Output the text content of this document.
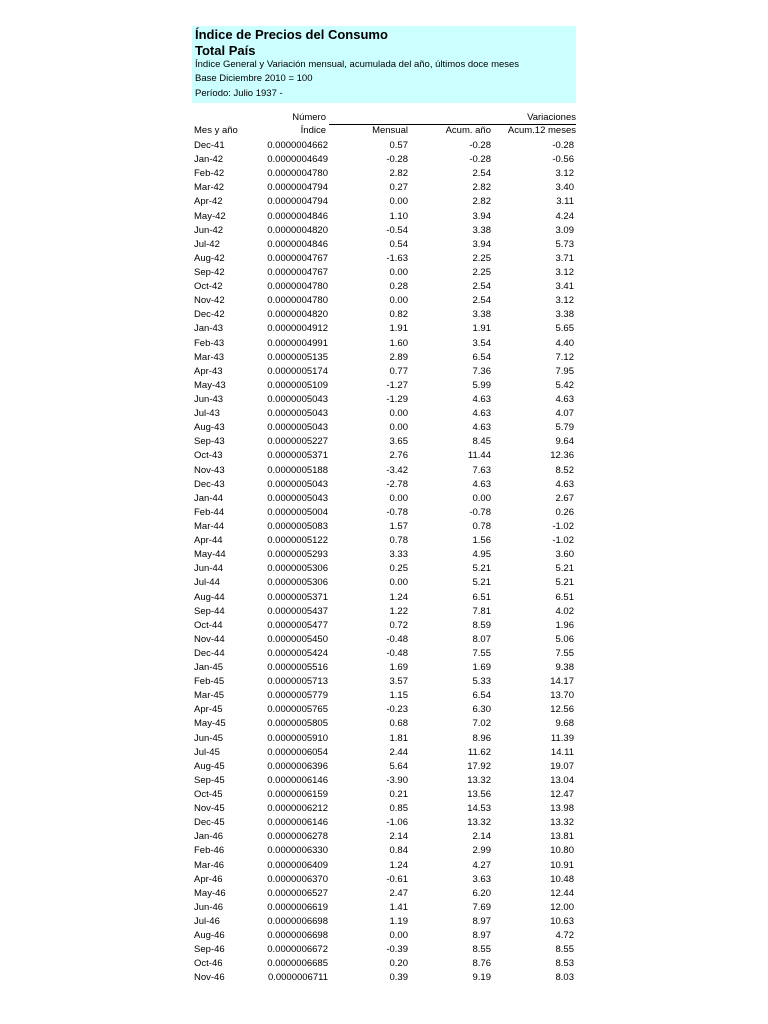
Índice de Precios del Consumo
Total País
Índice General y Variación mensual, acumulada del año, últimos doce meses
Base Diciembre 2010 = 100
Período: Julio 1937 -
Número	Variaciones
Mes y año	Índice	Mensual	Acum. año	Acum.12 meses
Dec-41	0.0000004662	0.57	-0.28	-0.28
Jan-42	0.0000004649	-0.28	-0.28	-0.56
Feb-42	0.0000004780	2.82	2.54	3.12
Mar-42	0.0000004794	0.27	2.82	3.40
Apr-42	0.0000004794	0.00	2.82	3.11
May-42	0.0000004846	1.10	3.94	4.24
Jun-42	0.0000004820	-0.54	3.38	3.09
Jul-42	0.0000004846	0.54	3.94	5.73
Aug-42	0.0000004767	-1.63	2.25	3.71
Sep-42	0.0000004767	0.00	2.25	3.12
Oct-42	0.0000004780	0.28	2.54	3.41
Nov-42	0.0000004780	0.00	2.54	3.12
Dec-42	0.0000004820	0.82	3.38	3.38
Jan-43	0.0000004912	1.91	1.91	5.65
Feb-43	0.0000004991	1.60	3.54	4.40
Mar-43	0.0000005135	2.89	6.54	7.12
Apr-43	0.0000005174	0.77	7.36	7.95
May-43	0.0000005109	-1.27	5.99	5.42
Jun-43	0.0000005043	-1.29	4.63	4.63
Jul-43	0.0000005043	0.00	4.63	4.07
Aug-43	0.0000005043	0.00	4.63	5.79
Sep-43	0.0000005227	3.65	8.45	9.64
Oct-43	0.0000005371	2.76	11.44	12.36
Nov-43	0.0000005188	-3.42	7.63	8.52
Dec-43	0.0000005043	-2.78	4.63	4.63
Jan-44	0.0000005043	0.00	0.00	2.67
Feb-44	0.0000005004	-0.78	-0.78	0.26
Mar-44	0.0000005083	1.57	0.78	-1.02
Apr-44	0.0000005122	0.78	1.56	-1.02
May-44	0.0000005293	3.33	4.95	3.60
Jun-44	0.0000005306	0.25	5.21	5.21
Jul-44	0.0000005306	0.00	5.21	5.21
Aug-44	0.0000005371	1.24	6.51	6.51
Sep-44	0.0000005437	1.22	7.81	4.02
Oct-44	0.0000005477	0.72	8.59	1.96
Nov-44	0.0000005450	-0.48	8.07	5.06
Dec-44	0.0000005424	-0.48	7.55	7.55
Jan-45	0.0000005516	1.69	1.69	9.38
Feb-45	0.0000005713	3.57	5.33	14.17
Mar-45	0.0000005779	1.15	6.54	13.70
Apr-45	0.0000005765	-0.23	6.30	12.56
May-45	0.0000005805	0.68	7.02	9.68
Jun-45	0.0000005910	1.81	8.96	11.39
Jul-45	0.0000006054	2.44	11.62	14.11
Aug-45	0.0000006396	5.64	17.92	19.07
Sep-45	0.0000006146	-3.90	13.32	13.04
Oct-45	0.0000006159	0.21	13.56	12.47
Nov-45	0.0000006212	0.85	14.53	13.98
Dec-45	0.0000006146	-1.06	13.32	13.32
Jan-46	0.0000006278	2.14	2.14	13.81
Feb-46	0.0000006330	0.84	2.99	10.80
Mar-46	0.0000006409	1.24	4.27	10.91
Apr-46	0.0000006370	-0.61	3.63	10.48
May-46	0.0000006527	2.47	6.20	12.44
Jun-46	0.0000006619	1.41	7.69	12.00
Jul-46	0.0000006698	1.19	8.97	10.63
Aug-46	0.0000006698	0.00	8.97	4.72
Sep-46	0.0000006672	-0.39	8.55	8.55
Oct-46	0.0000006685	0.20	8.76	8.53
Nov-46	0.0000006711	0.39	9.19	8.03
